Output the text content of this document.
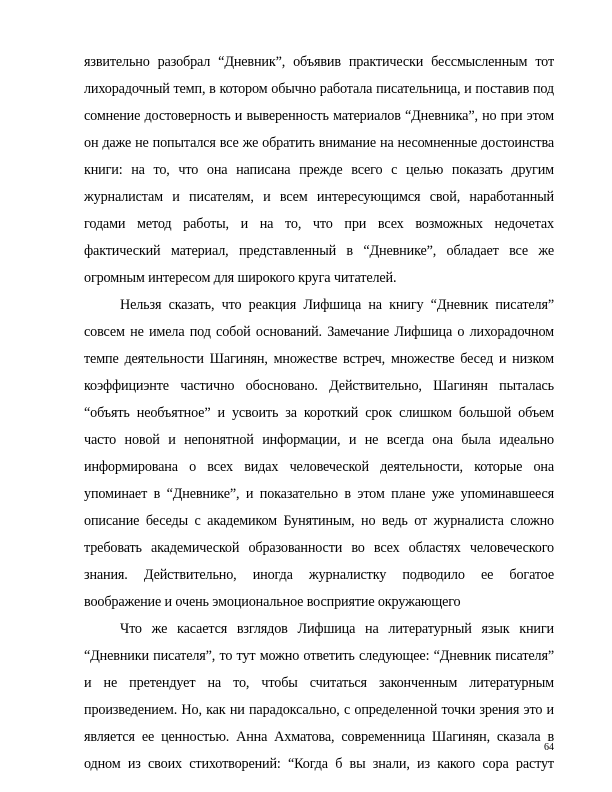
язвительно разобрал “Дневник”, объявив практически бессмысленным тот
лихорадочный темп, в котором обычно работала писательница, и поставив под
сомнение достоверность и выверенность материалов “Дневника”, но при этом
он даже не попытался все же обратить внимание на несомненные достоинства
книги: на то, что она написана прежде всего с целью показать другим
журналистам и писателям, и всем интересующимся свой, наработанный
годами метод работы, и на то, что при всех возможных недочетах
фактический материал, представленный в “Дневнике”, обладает все же
огромным интересом для широкого круга читателей.
Нельзя сказать, что реакция Лифшица на книгу “Дневник писателя”
совсем не имела под собой оснований. Замечание Лифшица о лихорадочном
темпе деятельности Шагинян, множестве встреч, множестве бесед и низком
коэффициэнте частично обосновано. Действительно, Шагинян пыталась
“объять необъятное” и усвоить за короткий срок слишком большой объем
часто новой и непонятной информации, и не всегда она была идеально
информирована о всех видах человеческой деятельности, которые она
упоминает в “Дневнике”, и показательно в этом плане уже упоминавшееся
описание беседы с академиком Бунятиным, но ведь от журналиста сложно
требовать академической образованности во всех областях человеческого
знания. Действительно, иногда журналистку подводило ее богатое
воображение и очень эмоциональное восприятие окружающего
Что же касается взглядов Лифшица на литературный язык книги
“Дневники писателя”, то тут можно ответить следующее: “Дневник писателя”
и не претендует на то, чтобы считаться законченным литературным
произведением. Но, как ни парадоксально, с определенной точки зрения это и
является ее ценностью. Анна Ахматова, современница Шагинян, сказала в
одном из своих стихотворений: “Когда б вы знали, из какого сора растут
64
